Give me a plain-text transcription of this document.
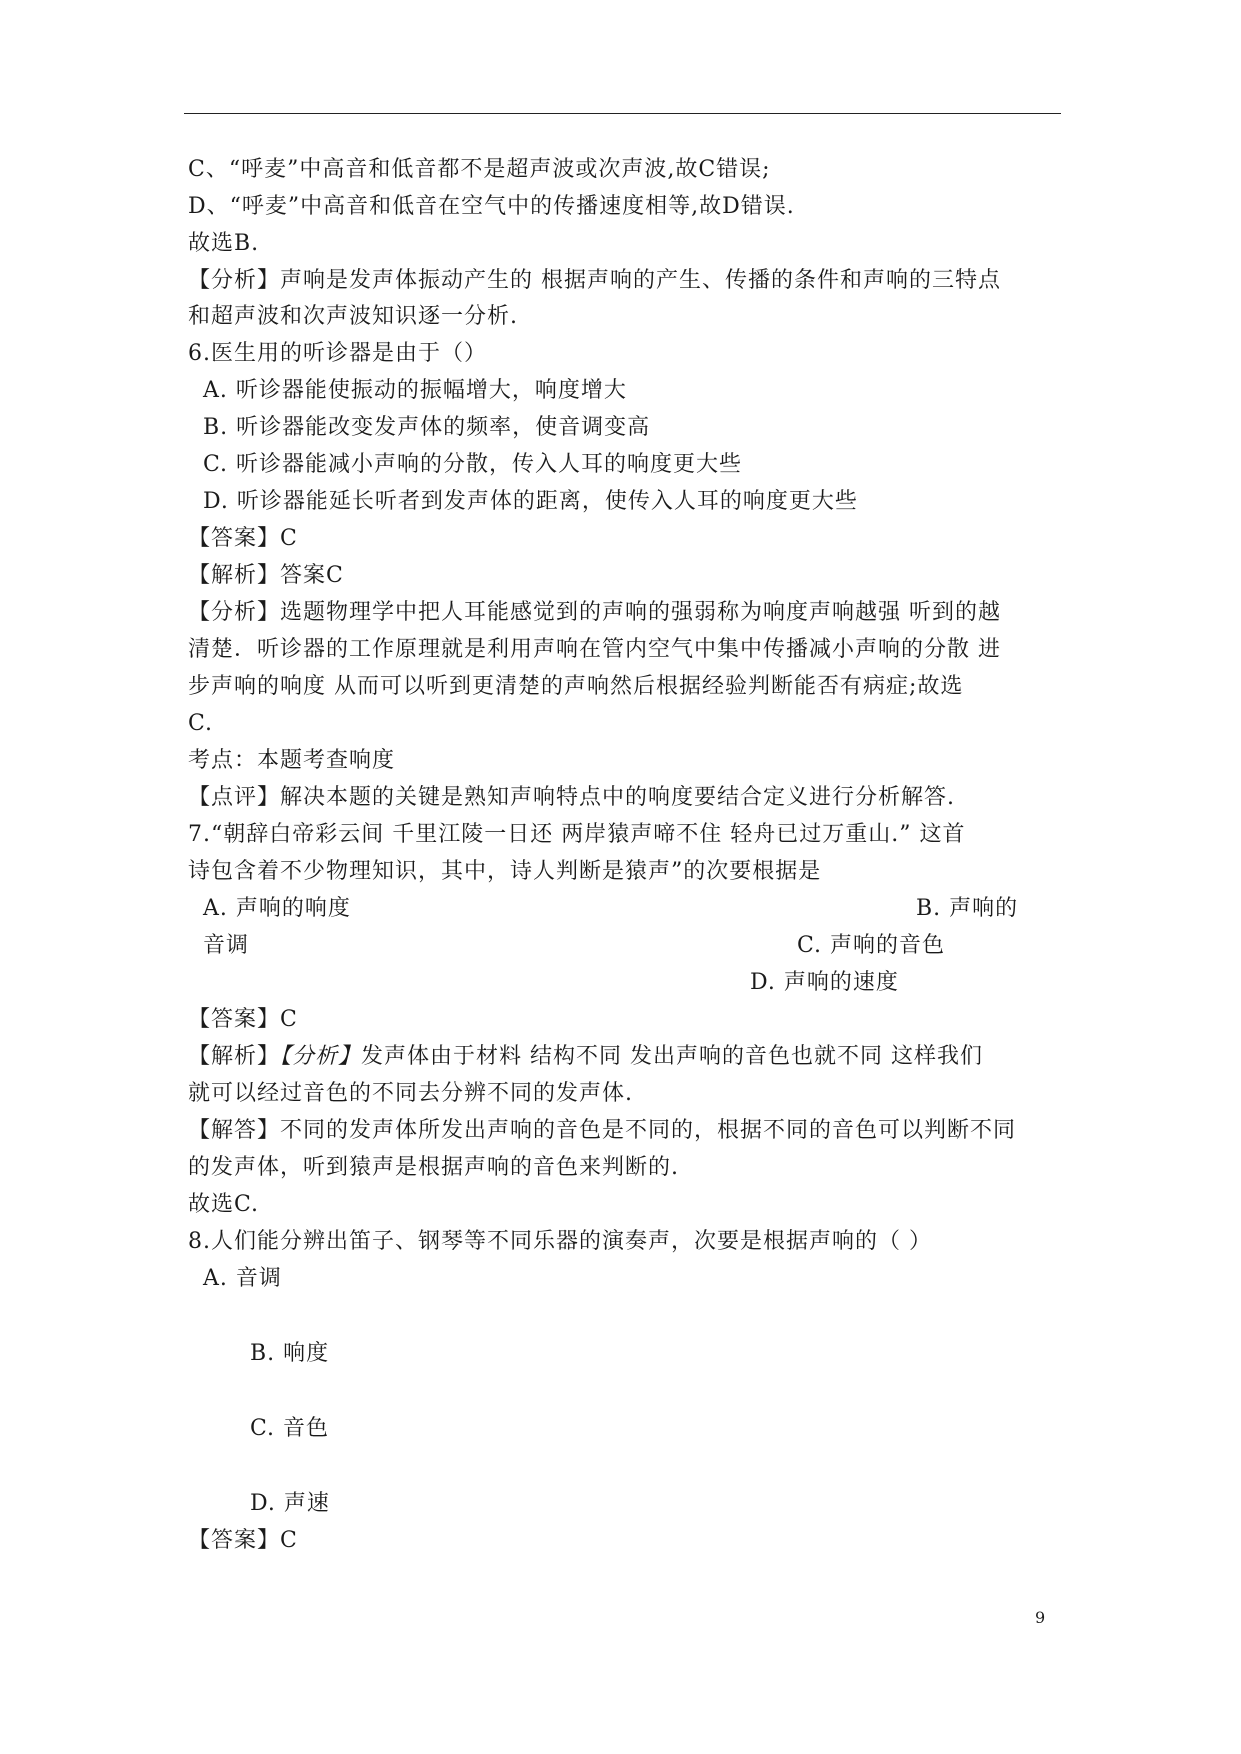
C、“呼麦”中高音和低音都不是超声波或次声波,故C错误;
D、“呼麦”中高音和低音在空气中的传播速度相等,故D错误.
故选B.
【分析】声响是发声体振动产生的 根据声响的产生、传播的条件和声响的三特点
和超声波和次声波知识逐一分析.
6.医生用的听诊器是由于（）
A. 听诊器能使振动的振幅增大，响度增大
B. 听诊器能改变发声体的频率，使音调变高
C. 听诊器能减小声响的分散，传入人耳的响度更大些
D. 听诊器能延长听者到发声体的距离，使传入人耳的响度更大些
【答案】C
【解析】答案C
【分析】选题物理学中把人耳能感觉到的声响的强弱称为响度声响越强 听到的越
清楚．听诊器的工作原理就是利用声响在管内空气中集中传播减小声响的分散 进
步声响的响度 从而可以听到更清楚的声响然后根据经验判断能否有病症;故选
C.
考点：本题考查响度
【点评】解决本题的关键是熟知声响特点中的响度要结合定义进行分析解答.
7.“朝辞白帝彩云间 千里江陵一日还 两岸猿声啼不住 轻舟已过万重山.” 这首
诗包含着不少物理知识，其中，诗人判断是猿声”的次要根据是
A. 声响的响度	B. 声响的
音调	C. 声响的音色
D. 声响的速度
【答案】C
【解析】【分析】发声体由于材料 结构不同 发出声响的音色也就不同 这样我们
就可以经过音色的不同去分辨不同的发声体.
【解答】不同的发声体所发出声响的音色是不同的，根据不同的音色可以判断不同
的发声体，听到猿声是根据声响的音色来判断的.
故选C.
8.人们能分辨出笛子、钢琴等不同乐器的演奏声，次要是根据声响的（ ）
A. 音调
B. 响度
C. 音色
D. 声速
【答案】C
9
